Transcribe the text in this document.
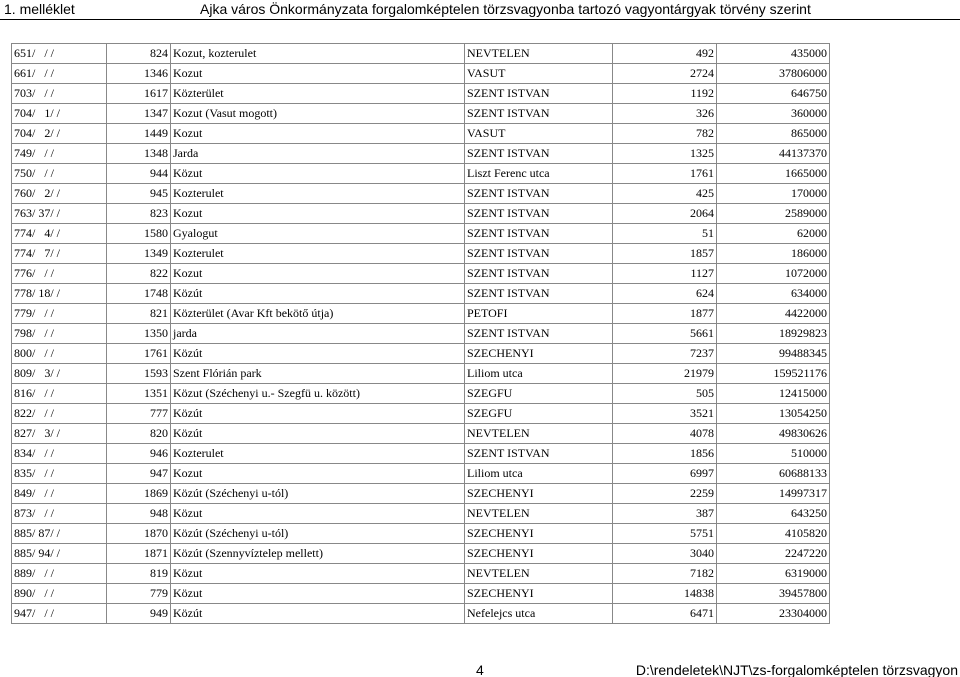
1. melléklet	Ajka város Önkormányzata forgalomképtelen törzsvagyonba tartozó vagyontárgyak törvény szerint
651/   / /	824	Kozut, kozterulet	NEVTELEN	492	435000
661/   / /	1346	Kozut	VASUT	2724	37806000
703/   / /	1617	Közterület	SZENT ISTVAN	1192	646750
704/   1/ /	1347	Kozut (Vasut mogott)	SZENT ISTVAN	326	360000
704/   2/ /	1449	Kozut	VASUT	782	865000
749/   / /	1348	Jarda	SZENT ISTVAN	1325	44137370
750/   / /	944	Közut	Liszt Ferenc utca	1761	1665000
760/   2/ /	945	Kozterulet	SZENT ISTVAN	425	170000
763/ 37/ /	823	Kozut	SZENT ISTVAN	2064	2589000
774/   4/ /	1580	Gyalogut	SZENT ISTVAN	51	62000
774/   7/ /	1349	Kozterulet	SZENT ISTVAN	1857	186000
776/   / /	822	Kozut	SZENT ISTVAN	1127	1072000
778/ 18/ /	1748	Közút	SZENT ISTVAN	624	634000
779/   / /	821	Közterület (Avar Kft bekötő útja)	PETOFI	1877	4422000
798/   / /	1350	jarda	SZENT ISTVAN	5661	18929823
800/   / /	1761	Közút	SZECHENYI	7237	99488345
809/   3/ /	1593	Szent Flórián park	Liliom utca	21979	159521176
816/   / /	1351	Közut (Széchenyi u.- Szegfü u. között)	SZEGFU	505	12415000
822/   / /	777	Közút	SZEGFU	3521	13054250
827/   3/ /	820	Közút	NEVTELEN	4078	49830626
834/   / /	946	Kozterulet	SZENT ISTVAN	1856	510000
835/   / /	947	Kozut	Liliom utca	6997	60688133
849/   / /	1869	Közút (Széchenyi u-tól)	SZECHENYI	2259	14997317
873/   / /	948	Közut	NEVTELEN	387	643250
885/ 87/ /	1870	Közút (Széchenyi u-tól)	SZECHENYI	5751	4105820
885/ 94/ /	1871	Közút (Szennyvíztelep mellett)	SZECHENYI	3040	2247220
889/   / /	819	Közut	NEVTELEN	7182	6319000
890/   / /	779	Közut	SZECHENYI	14838	39457800
947/   / /	949	Közút	Nefelejcs utca	6471	23304000
4	D:\rendeletek\NJT\zs-forgalomképtelen törzsvagyon
